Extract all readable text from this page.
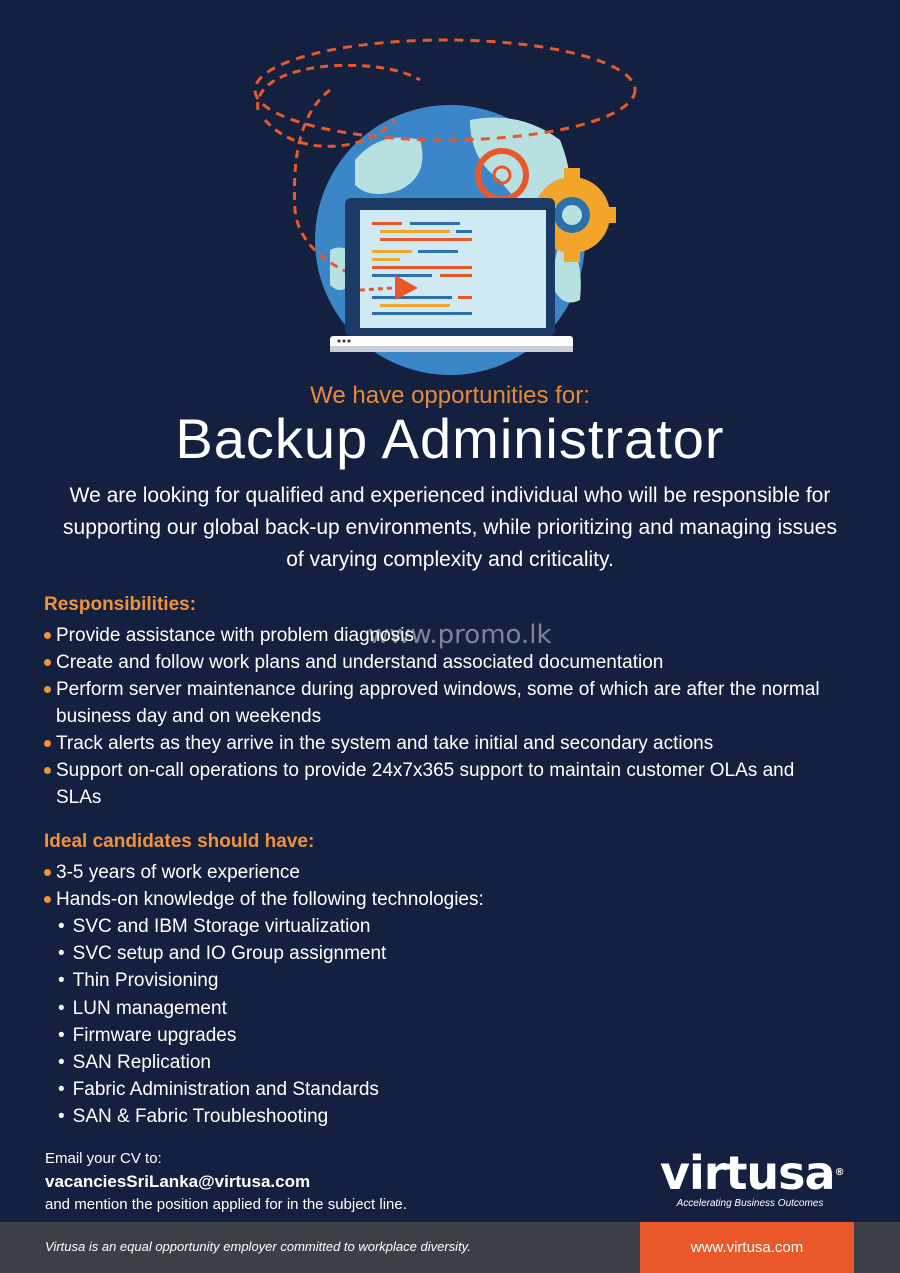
We have opportunities for:
Backup Administrator
We are looking for qualified and experienced individual who will be responsible for supporting our global back-up environments, while prioritizing and managing issues of varying complexity and criticality.
Responsibilities:
Provide assistance with problem diagnosis
Create and follow work plans and understand associated documentation
Perform server maintenance during approved windows, some of which are after the normal business day and on weekends
Track alerts as they arrive in the system and take initial and secondary actions
Support on-call operations to provide 24x7x365 support to maintain customer OLAs and SLAs
www.promo.lk
Ideal candidates should have:
3-5 years of work experience
Hands-on knowledge of the following technologies:
• SVC and IBM Storage virtualization
• SVC setup and IO Group assignment
• Thin Provisioning
• LUN management
• Firmware upgrades
• SAN Replication
• Fabric Administration and Standards
• SAN & Fabric Troubleshooting
Email your CV to:
vacanciesSriLanka@virtusa.com
and mention the position applied for in the subject line.
virtusa®
Accelerating Business Outcomes
Virtusa is an equal opportunity employer committed to workplace diversity.	www.virtusa.com
